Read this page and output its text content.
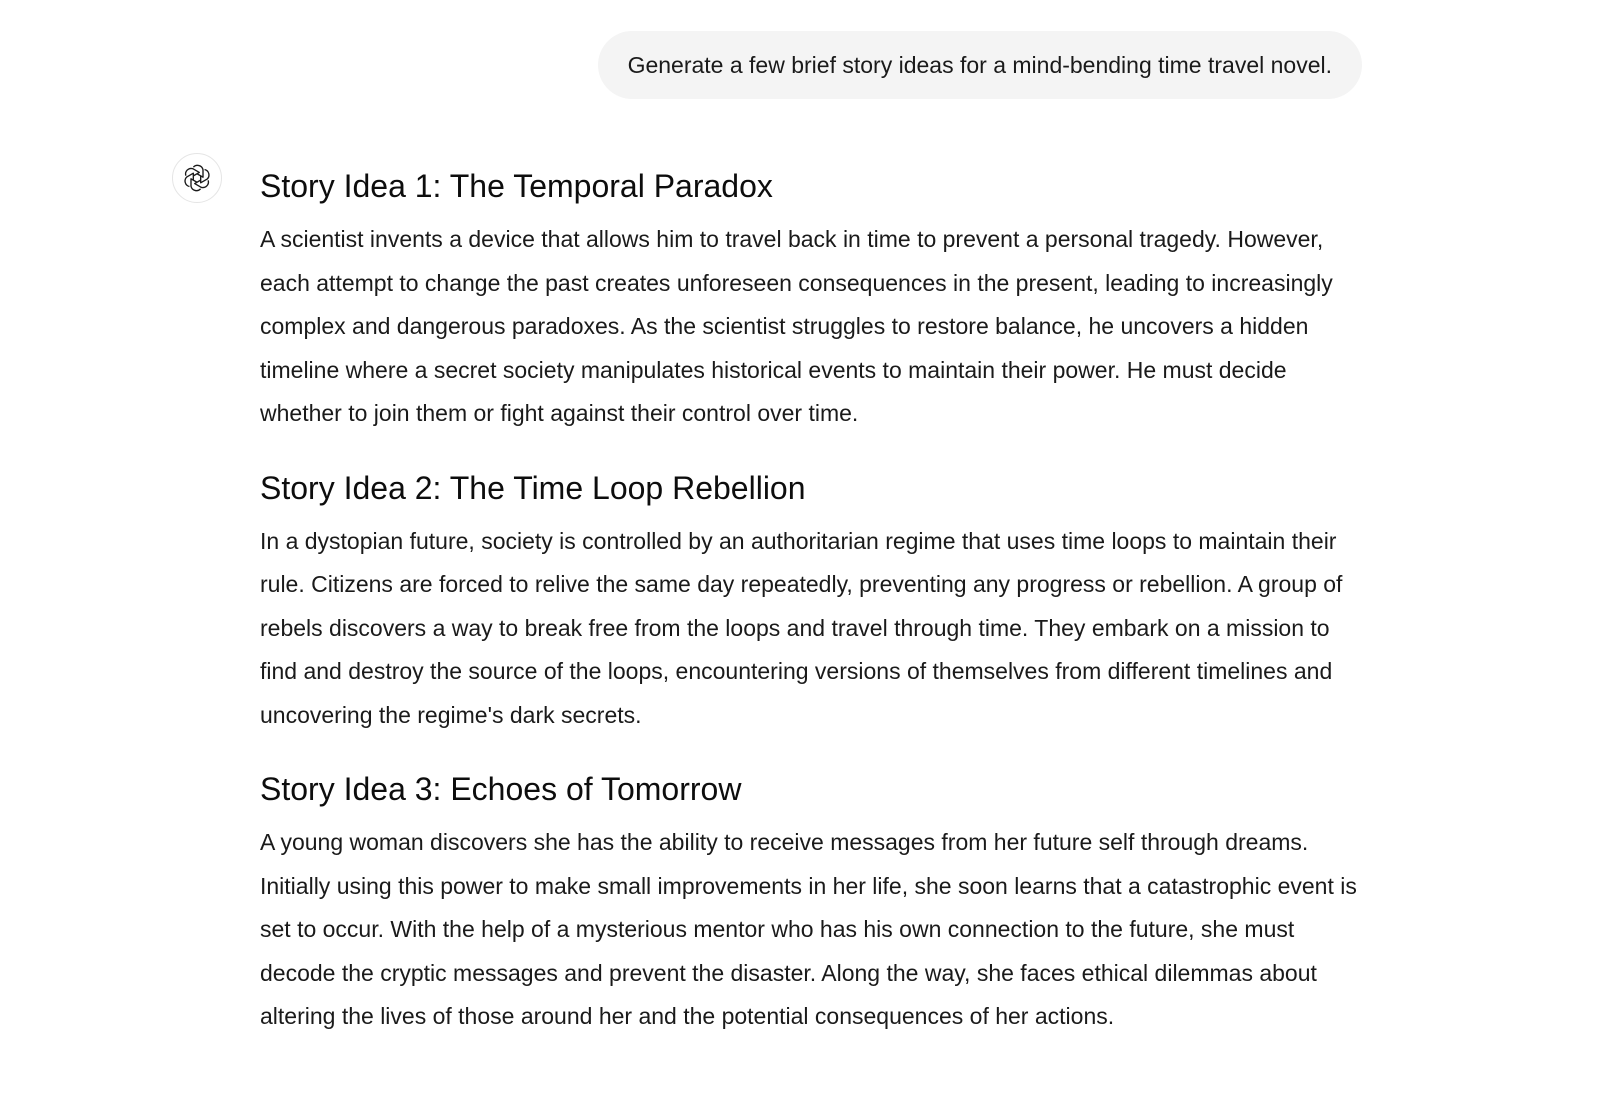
Generate a few brief story ideas for a mind-bending time travel novel.
Story Idea 1: The Temporal Paradox

A scientist invents a device that allows him to travel back in time to prevent a personal tragedy. However, each attempt to change the past creates unforeseen consequences in the present, leading to increasingly complex and dangerous paradoxes. As the scientist struggles to restore balance, he uncovers a hidden timeline where a secret society manipulates historical events to maintain their power. He must decide whether to join them or fight against their control over time.

Story Idea 2: The Time Loop Rebellion

In a dystopian future, society is controlled by an authoritarian regime that uses time loops to maintain their rule. Citizens are forced to relive the same day repeatedly, preventing any progress or rebellion. A group of rebels discovers a way to break free from the loops and travel through time. They embark on a mission to find and destroy the source of the loops, encountering versions of themselves from different timelines and uncovering the regime's dark secrets.

Story Idea 3: Echoes of Tomorrow

A young woman discovers she has the ability to receive messages from her future self through dreams. Initially using this power to make small improvements in her life, she soon learns that a catastrophic event is set to occur. With the help of a mysterious mentor who has his own connection to the future, she must decode the cryptic messages and prevent the disaster. Along the way, she faces ethical dilemmas about altering the lives of those around her and the potential consequences of her actions.
